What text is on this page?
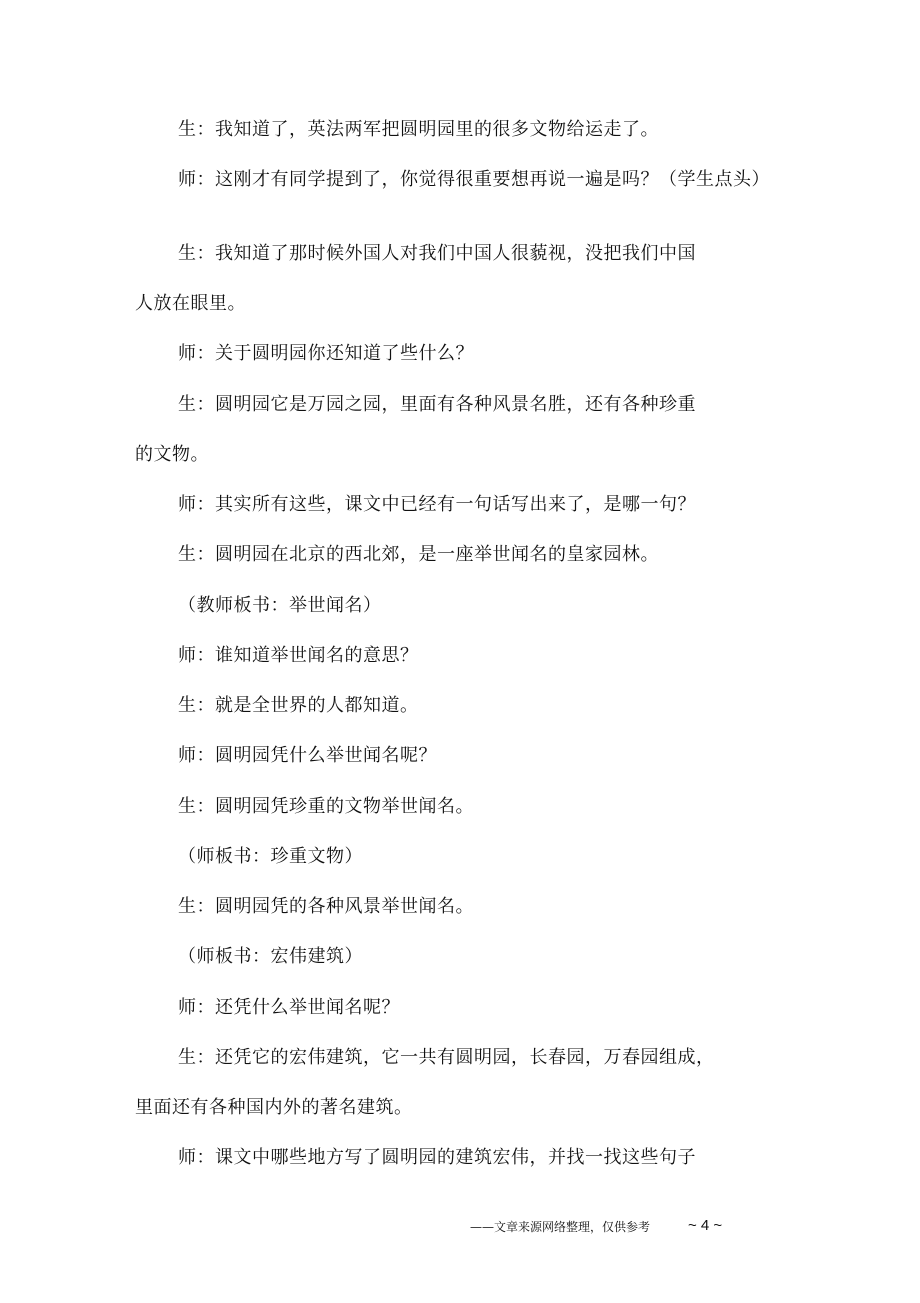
生：我知道了，英法两军把圆明园里的很多文物给运走了。
师：这刚才有同学提到了，你觉得很重要想再说一遍是吗？（学生点头）
生：我知道了那时候外国人对我们中国人很藐视，没把我们中国
人放在眼里。
师：关于圆明园你还知道了些什么？
生：圆明园它是万园之园，里面有各种风景名胜，还有各种珍重
的文物。
师：其实所有这些，课文中已经有一句话写出来了，是哪一句？
生：圆明园在北京的西北郊，是一座举世闻名的皇家园林。
（教师板书：举世闻名）
师：谁知道举世闻名的意思？
生：就是全世界的人都知道。
师：圆明园凭什么举世闻名呢？
生：圆明园凭珍重的文物举世闻名。
（师板书：珍重文物）
生：圆明园凭的各种风景举世闻名。
（师板书：宏伟建筑）
师：还凭什么举世闻名呢？
生：还凭它的宏伟建筑，它一共有圆明园，长春园，万春园组成，
里面还有各种国内外的著名建筑。
师：课文中哪些地方写了圆明园的建筑宏伟，并找一找这些句子
——文章来源网络整理，仅供参考	~ 4 ~
